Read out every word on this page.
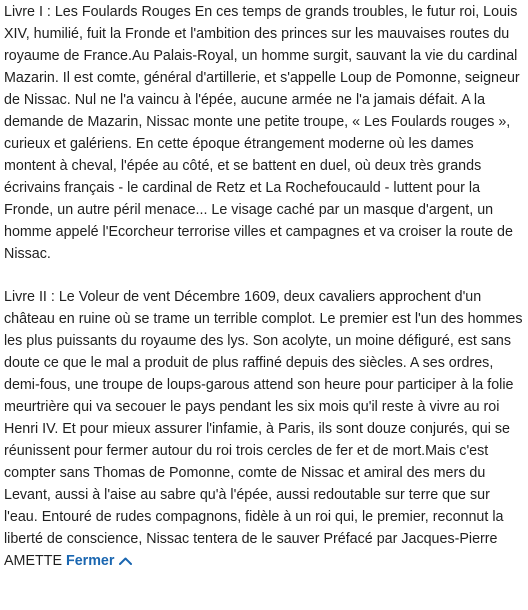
Livre I : Les Foulards Rouges En ces temps de grands troubles, le futur roi, Louis XIV, humilié, fuit la Fronde et l'ambition des princes sur les mauvaises routes du royaume de France.Au Palais-Royal, un homme surgit, sauvant la vie du cardinal Mazarin. Il est comte, général d'artillerie, et s'appelle Loup de Pomonne, seigneur de Nissac. Nul ne l'a vaincu à l'épée, aucune armée ne l'a jamais défait. A la demande de Mazarin, Nissac monte une petite troupe, « Les Foulards rouges », curieux et galériens. En cette époque étrangement moderne où les dames montent à cheval, l'épée au côté, et se battent en duel, où deux très grands écrivains français - le cardinal de Retz et La Rochefoucauld - luttent pour la Fronde, un autre péril menace... Le visage caché par un masque d'argent, un homme appelé l'Ecorcheur terrorise villes et campagnes et va croiser la route de Nissac.

Livre II : Le Voleur de vent Décembre 1609, deux cavaliers approchent d'un château en ruine où se trame un terrible complot. Le premier est l'un des hommes les plus puissants du royaume des lys. Son acolyte, un moine défiguré, est sans doute ce que le mal a produit de plus raffiné depuis des siècles. A ses ordres, demi-fous, une troupe de loups-garous attend son heure pour participer à la folie meurtrière qui va secouer le pays pendant les six mois qu'il reste à vivre au roi Henri IV. Et pour mieux assurer l'infamie, à Paris, ils sont douze conjurés, qui se réunissent pour fermer autour du roi trois cercles de fer et de mort.Mais c'est compter sans Thomas de Pomonne, comte de Nissac et amiral des mers du Levant, aussi à l'aise au sabre qu'à l'épée, aussi redoutable sur terre que sur l'eau. Entouré de rudes compagnons, fidèle à un roi qui, le premier, reconnut la liberté de conscience, Nissac tentera de le sauver Préfacé par Jacques-Pierre AMETTE Fermer
